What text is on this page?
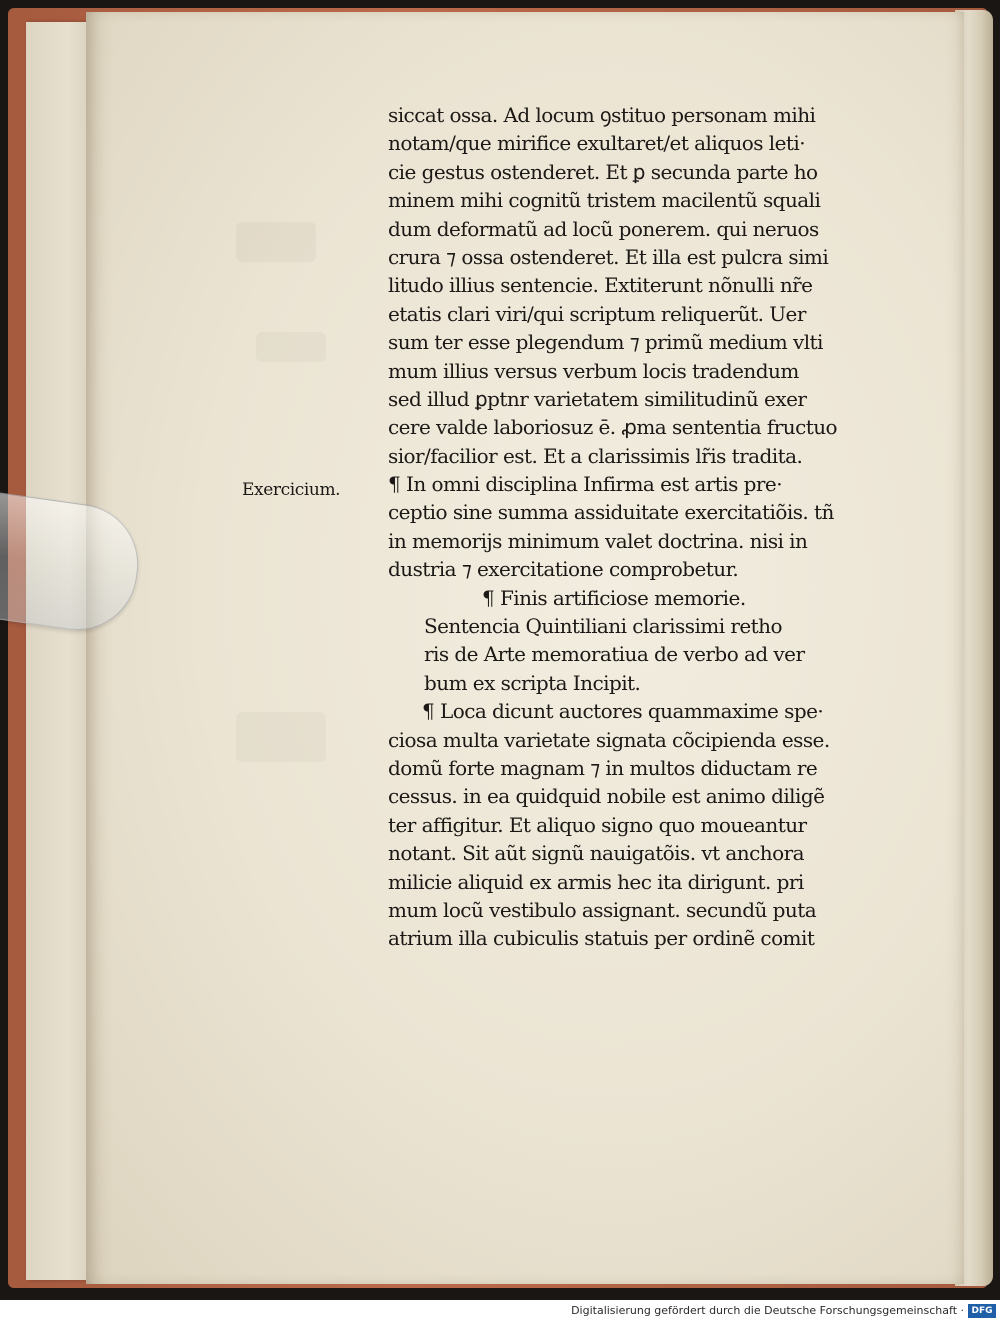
Exercicium.
siccat ossa. Ad locum ꝯstituo personam mihi
notam/que mirifice exultaret/et aliquos leti·
cie gestus ostenderet. Et ꝑ secunda parte ho
minem mihi cognitũ tristem macilentũ squali
dum deformatũ ad locũ ponerem. qui neruos
crura ⁊ ossa ostenderet. Et illa est pulcra simi
litudo illius sentencie. Extiterunt nõnulli nr̃e
etatis clari viri/qui scriptum reliquerũt. Uer
sum ter esse plegendum ⁊ primũ medium vlti
mum illius versus verbum locis tradendum
sed illud ꝑptnr varietatem similitudinũ exer
cere valde laboriosuz ē. ꝓma sententia fructuo
sior/facilior est. Et a clarissimis lr̃is tradita.
¶ In omni disciplina Infirma est artis pre·
ceptio sine summa assiduitate exercitatiõis. tñ
in memorijs minimum valet doctrina. nisi in
dustria ⁊ exercitatione comprobetur.
¶ Finis artificiose memorie.
Sentencia Quintiliani clarissimi retho
ris de Arte memoratiua de verbo ad ver
bum ex scripta Incipit.
¶ Loca dicunt auctores quammaxime spe·
ciosa multa varietate signata cõcipienda esse.
domũ forte magnam ⁊ in multos diductam re
cessus. in ea quidquid nobile est animo diligẽ
ter affigitur. Et aliquo signo quo moueantur
notant. Sit aũt signũ nauigatõis. vt anchora
milicie aliquid ex armis hec ita dirigunt. pri
mum locũ vestibulo assignant. secundũ puta
atrium illa cubiculis statuis per ordinẽ comit
Digitalisierung gefördert durch die Deutsche Forschungsgemeinschaft · DFG
